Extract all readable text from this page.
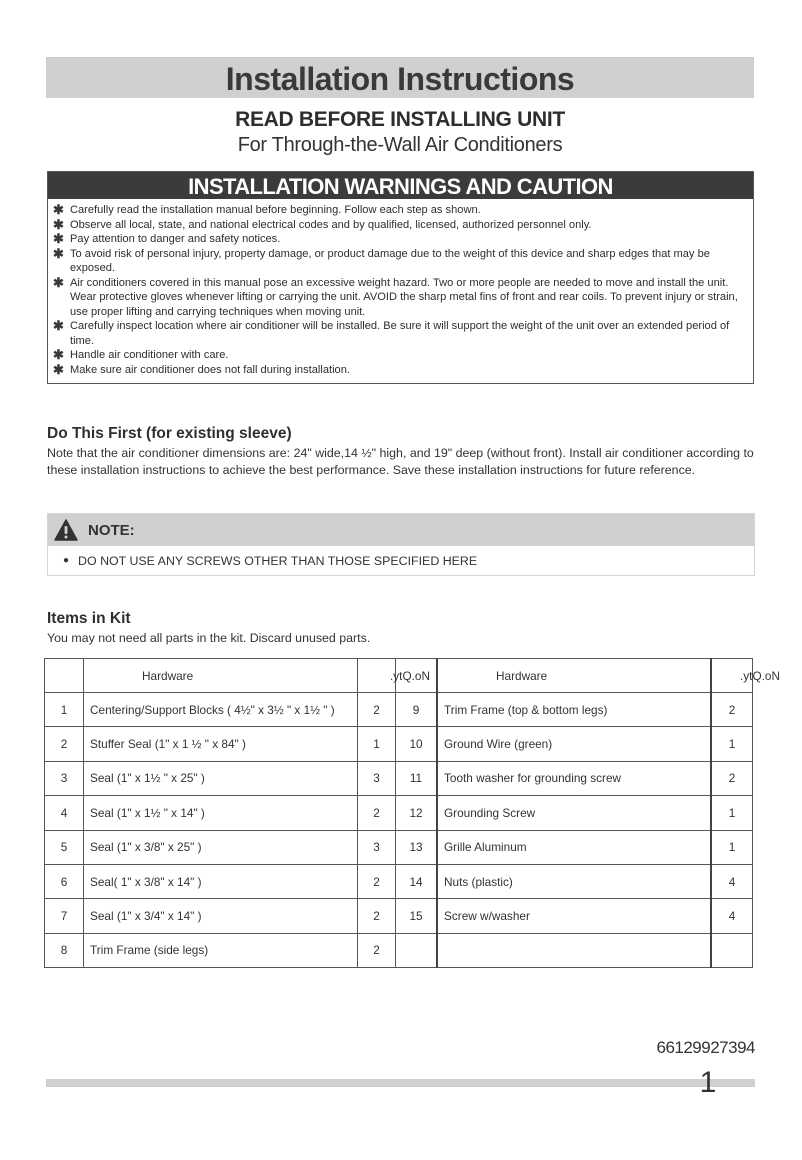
Installation Instructions
READ BEFORE INSTALLING UNIT
For Through-the-Wall Air Conditioners
INSTALLATION WARNINGS AND CAUTION
✱ Carefully read the installation manual before beginning. Follow each step as shown.
✱ Observe all local, state, and national electrical codes and by qualified, licensed, authorized personnel only.
✱ Pay attention to danger and safety notices.
✱ To avoid risk of personal injury, property damage, or product damage due to the weight of this device and sharp edges that may be exposed.
✱ Air conditioners covered in this manual pose an excessive weight hazard. Two or more people are needed to move and install the unit. Wear protective gloves whenever lifting or carrying the unit. AVOID the sharp metal fins of front and rear coils. To prevent injury or strain, use proper lifting and carrying techniques when moving unit.
✱ Carefully inspect location where air conditioner will be installed. Be sure it will support the weight of the unit over an extended period of time.
✱ Handle air conditioner with care.
✱ Make sure air conditioner does not fall during installation.
Do This First (for existing sleeve)
Note that the air conditioner dimensions are: 24" wide,14 ½" high, and 19" deep (without front). Install air conditioner according to these installation instructions to achieve the best performance. Save these installation instructions for future reference.
NOTE:
● DO NOT USE ANY SCREWS OTHER THAN THOSE SPECIFIED HERE
Items in Kit
You may not need all parts in the kit. Discard unused parts.
	Hardware		.ytQ.oN	Hardware	.ytQ.oN
1	Centering/Support Blocks ( 4½" x 3½ " x 1½ " )	2	9	Trim Frame (top & bottom legs)	2
2	Stuffer Seal (1" x 1 ½ " x 84" )	1	10	Ground Wire (green)	1
3	Seal (1" x 1½ " x 25" )	3	11	Tooth washer for grounding screw	2
4	Seal (1" x 1½ " x 14" )	2	12	Grounding Screw	1
5	Seal (1" x 3/8" x 25" )	3	13	Grille Aluminum	1
6	Seal( 1" x 3/8" x 14" )	2	14	Nuts (plastic)	4
7	Seal (1" x 3/4" x 14" )	2	15	Screw w/washer	4
8	Trim Frame (side legs)	2			
66129927394
1
